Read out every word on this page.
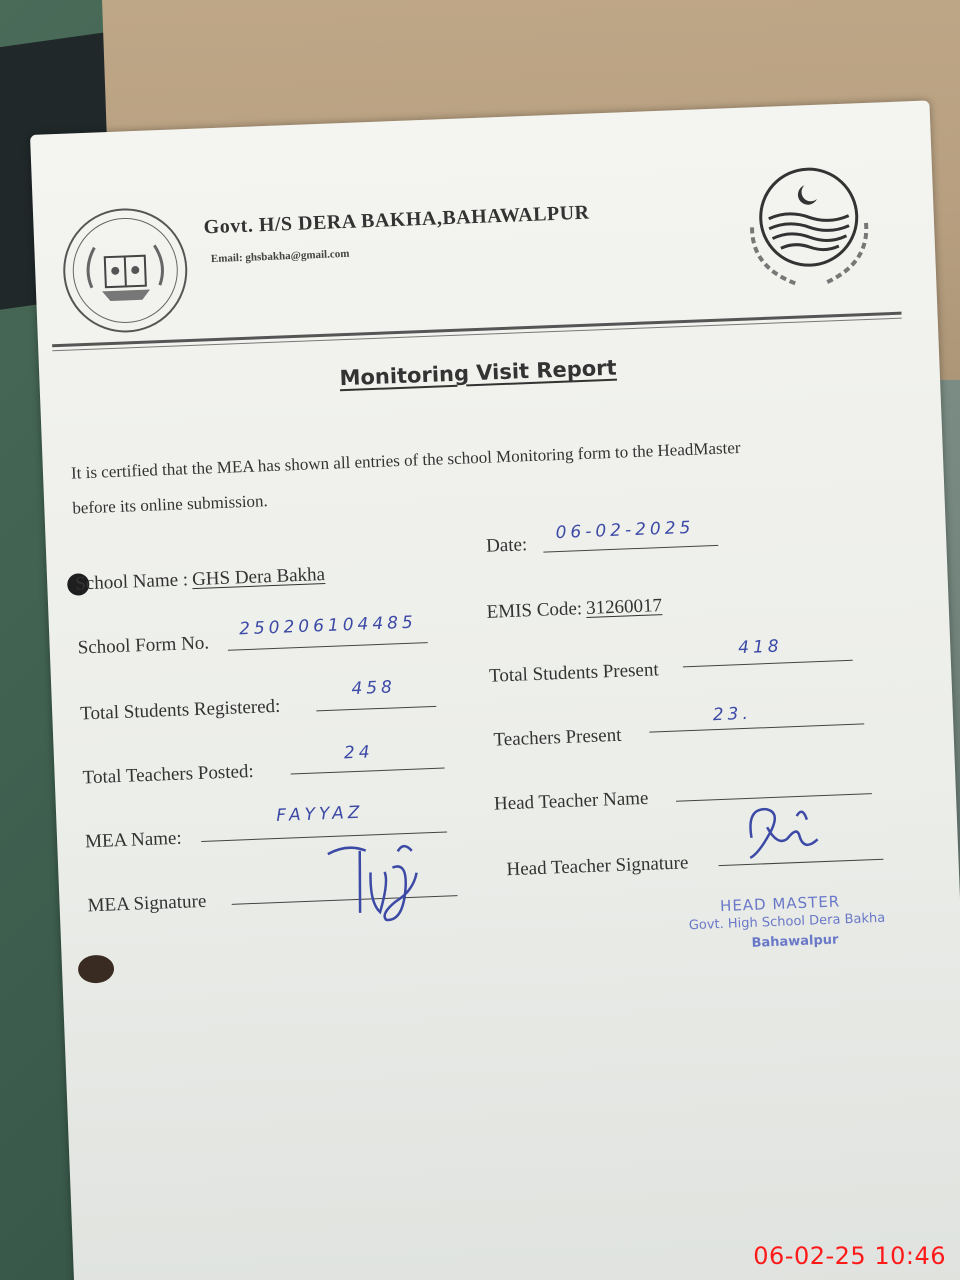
Govt. H/S DERA BAKHA,BAHAWALPUR
Email: ghsbakha@gmail.com
Monitoring Visit Report
It is certified that the MEA has shown all entries of the school Monitoring form to the HeadMaster
before its online submission.
School Name : GHS Dera Bakha
Date:
06-02-2025
School Form No.
250206104485
EMIS Code: 31260017
Total Students Registered:
458
Total Students Present
418
Total Teachers Posted:
24
Teachers Present
23.
MEA Name:
FAYYAZ	Head Teacher Name
MEA Signature
Head Teacher Signature
HEAD MASTER
Govt. High School Dera Bakha
Bahawalpur
06-02-25 10:46
